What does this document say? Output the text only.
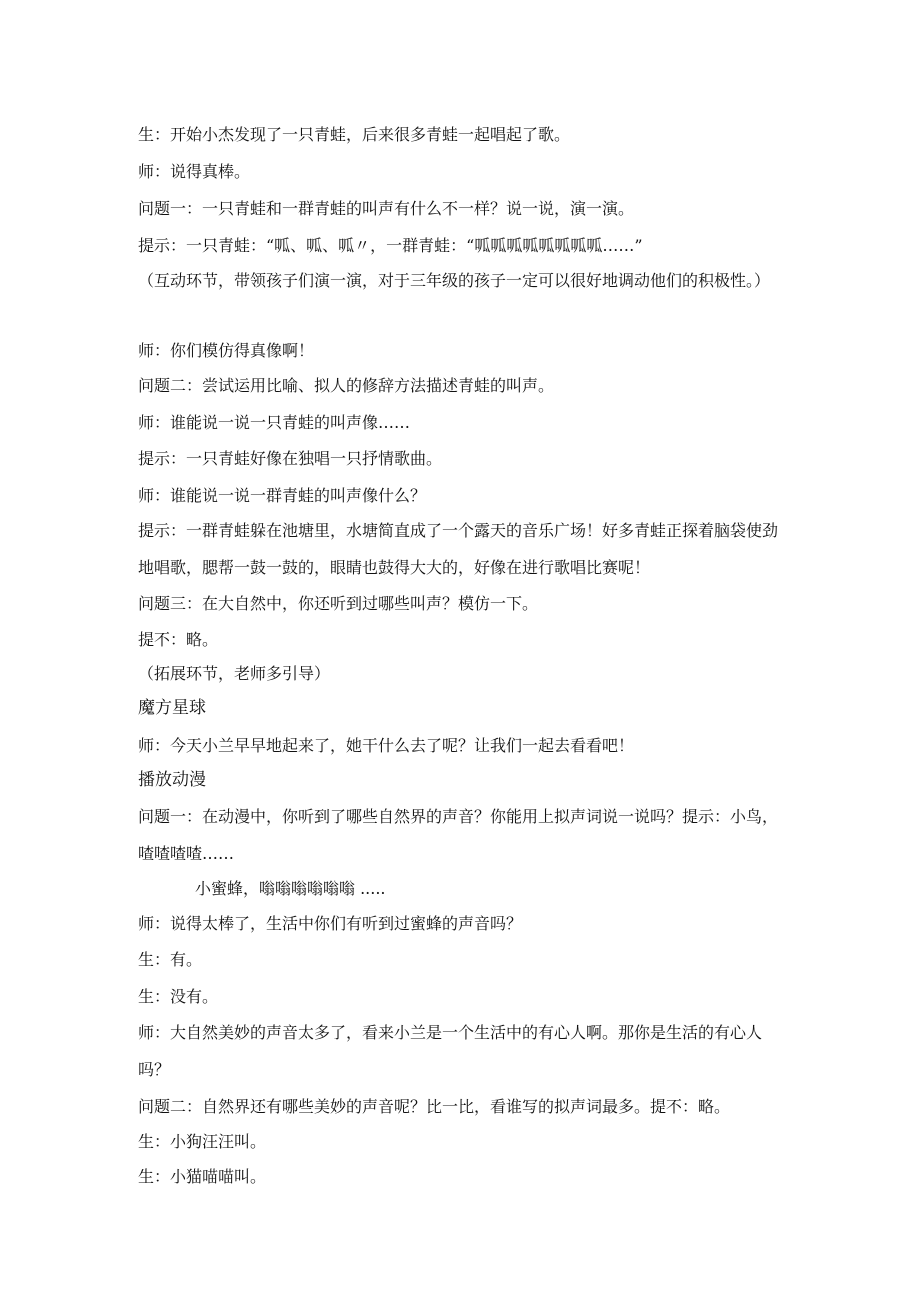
生：开始小杰发现了一只青蛙，后来很多青蛙一起唱起了歌。

师：说得真棒。

问题一：一只青蛙和一群青蛙的叫声有什么不一样？说一说，演一演。

提示：一只青蛙：“呱、呱、呱〃，一群青蛙：“呱呱呱呱呱呱呱呱……”

（互动环节，带领孩子们演一演，对于三年级的孩子一定可以很好地调动他们的积极性。）

师：你们模仿得真像啊！

问题二：尝试运用比喻、拟人的修辞方法描述青蛙的叫声。

师：谁能说一说一只青蛙的叫声像……

提示：一只青蛙好像在独唱一只抒情歌曲。

师：谁能说一说一群青蛙的叫声像什么？

提示：一群青蛙躲在池塘里，水塘简直成了一个露天的音乐广场！好多青蛙正探着脑袋使劲地唱歌，腮帮一鼓一鼓的，眼睛也鼓得大大的，好像在进行歌唱比赛呢！

问题三：在大自然中，你还听到过哪些叫声？模仿一下。

提不：略。

（拓展环节，老师多引导）

魔方星球

师：今天小兰早早地起来了，她干什么去了呢？让我们一起去看看吧！

播放动漫

问题一：在动漫中，你听到了哪些自然界的声音？你能用上拟声词说一说吗？提示：小鸟，喳喳喳喳……

小蜜蜂，嗡嗡嗡嗡嗡嗡 .....

师：说得太棒了，生活中你们有听到过蜜蜂的声音吗？

生：有。

生：没有。

师：大自然美妙的声音太多了，看来小兰是一个生活中的有心人啊。那你是生活的有心人吗？

问题二：自然界还有哪些美妙的声音呢？比一比，看谁写的拟声词最多。提不：略。

生：小狗汪汪叫。

生：小猫喵喵叫。
